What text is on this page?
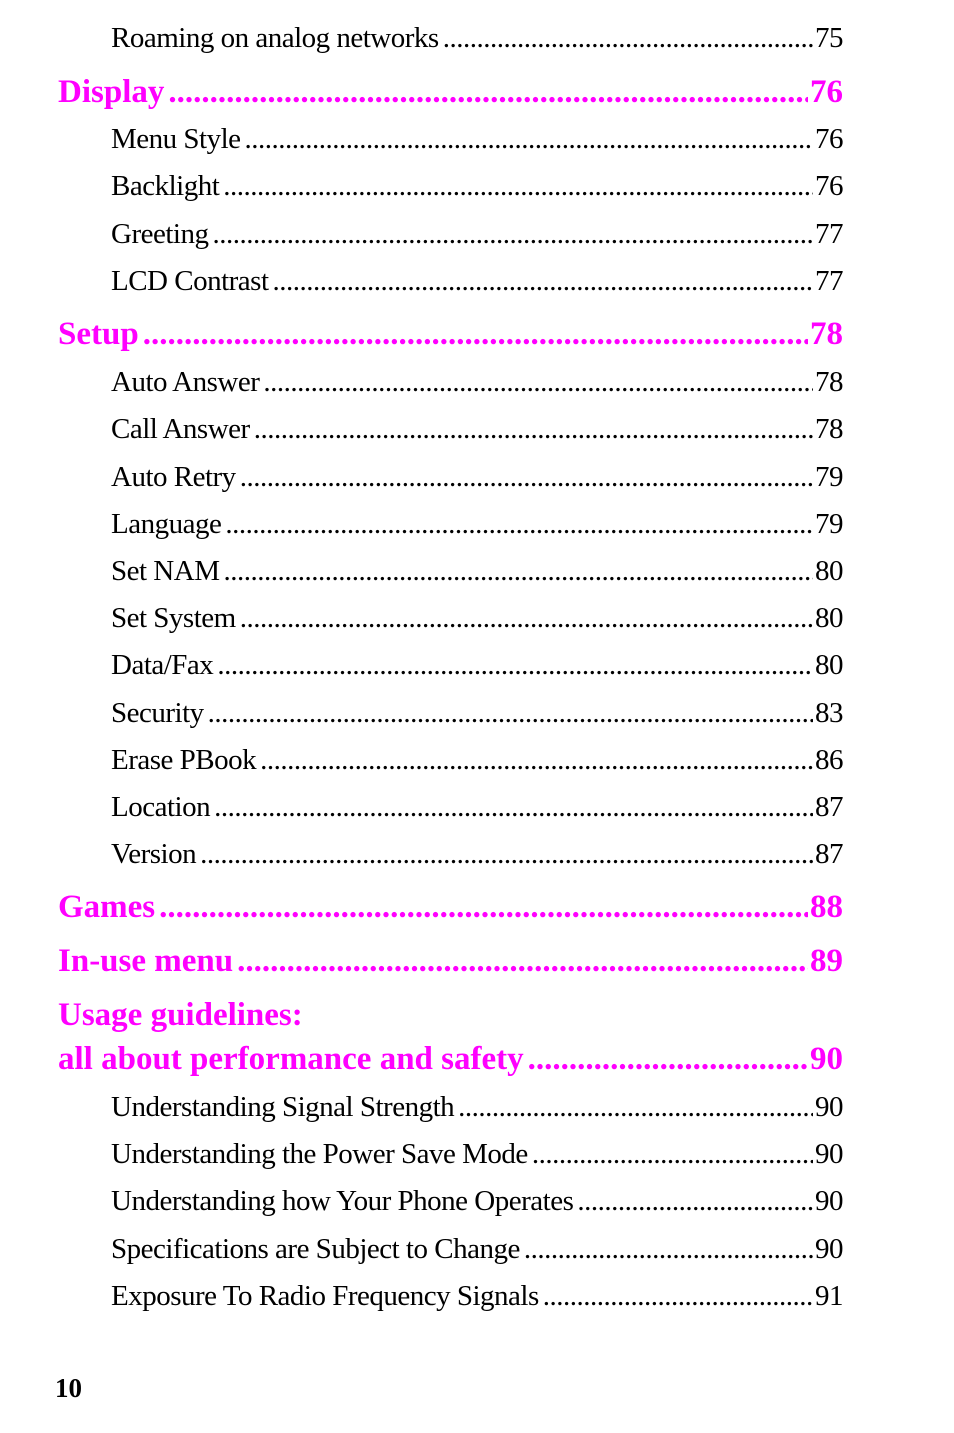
Roaming on analog networks .....	75
Display .....	76
Menu Style .....	76
Backlight .....	76
Greeting .....	77
LCD Contrast .....	77
Setup .....	78
Auto Answer .....	78
Call Answer .....	78
Auto Retry .....	79
Language .....	79
Set NAM .....	80
Set System .....	80
Data/Fax .....	80
Security .....	83
Erase PBook .....	86
Location .....	87
Version .....	87
Games .....	88
In-use menu .....	89
Usage guidelines:
all about performance and safety .....	90
Understanding Signal Strength .....	90
Understanding the Power Save Mode .....	90
Understanding how Your Phone Operates .....	90
Specifications are Subject to Change .....	90
Exposure To Radio Frequency Signals .....	91
10
